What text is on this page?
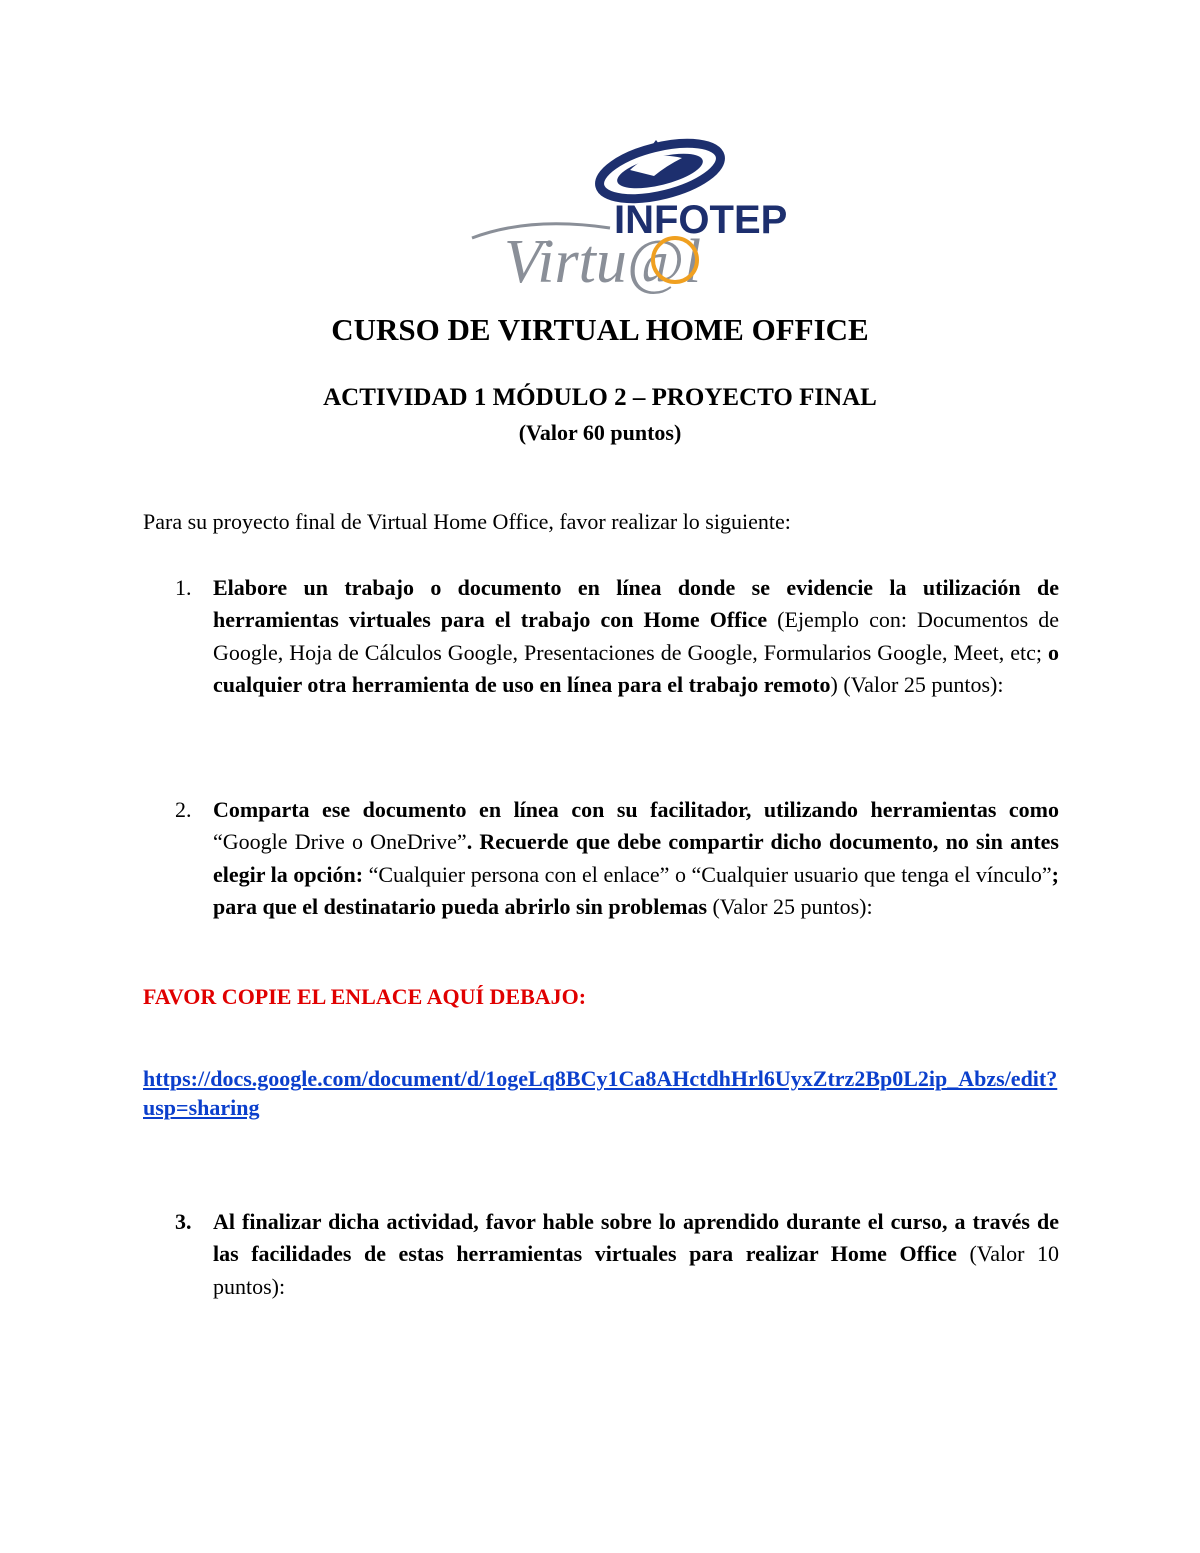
INFOTEP
Virtu@l
CURSO DE VIRTUAL HOME OFFICE
ACTIVIDAD 1 MÓDULO 2 – PROYECTO FINAL
(Valor 60 puntos)
Para su proyecto final de Virtual Home Office, favor realizar lo siguiente:
1. Elabore un trabajo o documento en línea donde se evidencie la utilización de herramientas virtuales para el trabajo con Home Office (Ejemplo con: Documentos de Google, Hoja de Cálculos Google, Presentaciones de Google, Formularios Google, Meet, etc; o cualquier otra herramienta de uso en línea para el trabajo remoto) (Valor 25 puntos):
2. Comparta ese documento en línea con su facilitador, utilizando herramientas como “Google Drive o OneDrive”. Recuerde que debe compartir dicho documento, no sin antes elegir la opción: “Cualquier persona con el enlace” o “Cualquier usuario que tenga el vínculo”; para que el destinatario pueda abrirlo sin problemas (Valor 25 puntos):
FAVOR COPIE EL ENLACE AQUÍ DEBAJO:
https://docs.google.com/document/d/1ogeLq8BCy1Ca8AHctdhHrl6UyxZtrz2Bp0L2ip_Abzs/edit?usp=sharing
3. Al finalizar dicha actividad, favor hable sobre lo aprendido durante el curso, a través de las facilidades de estas herramientas virtuales para realizar Home Office (Valor 10 puntos):
